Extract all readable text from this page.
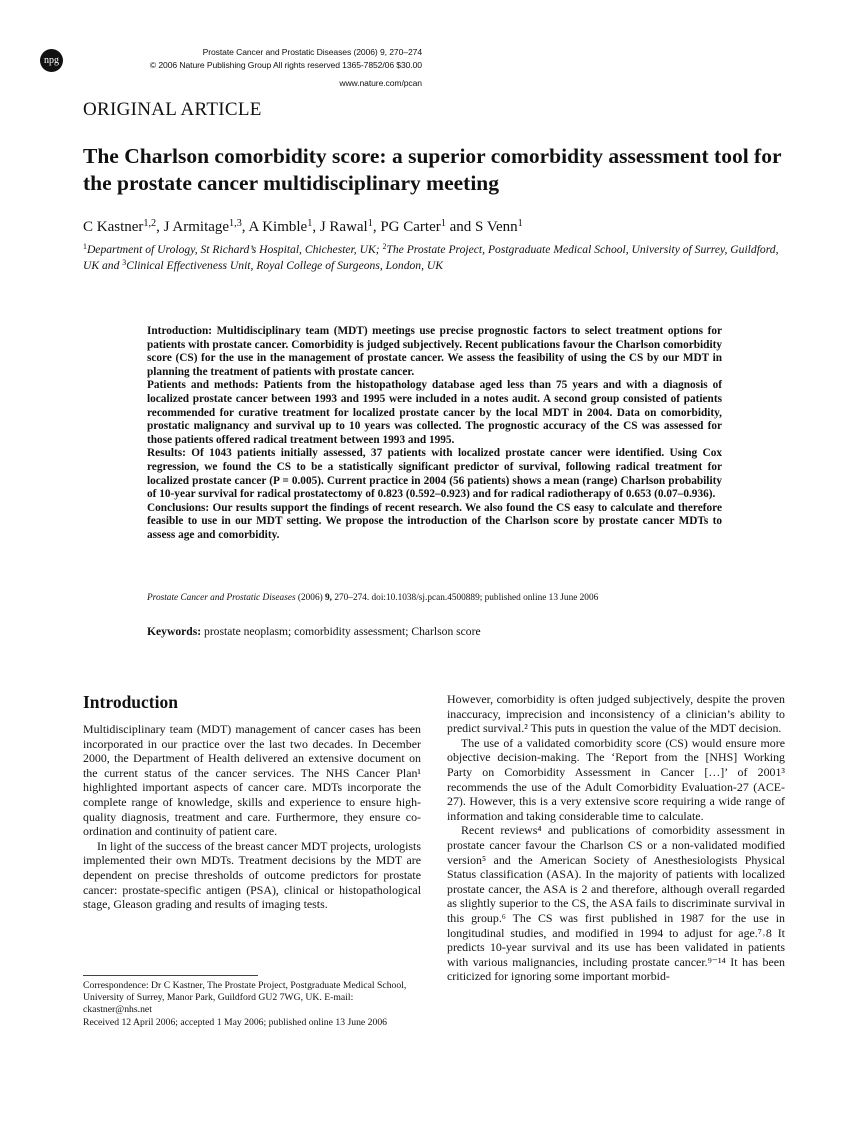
npg
Prostate Cancer and Prostatic Diseases (2006) 9, 270–274
© 2006 Nature Publishing Group All rights reserved 1365-7852/06 $30.00
www.nature.com/pcan
ORIGINAL ARTICLE
The Charlson comorbidity score: a superior comorbidity assessment tool for the prostate cancer multidisciplinary meeting
C Kastner$^{1,2}$, J Armitage$^{1,3}$, A Kimble$^1$, J Rawal$^1$, PG Carter$^1$ and S Venn$^1$
$^1$Department of Urology, St Richard’s Hospital, Chichester, UK; $^2$The Prostate Project, Postgraduate Medical School, University of Surrey, Guildford, UK and $^3$Clinical Effectiveness Unit, Royal College of Surgeons, London, UK

Introduction: Multidisciplinary team (MDT) meetings use precise prognostic factors to select treatment options for patients with prostate cancer. Comorbidity is judged subjectively. Recent publications favour the Charlson comorbidity score (CS) for the use in the management of prostate cancer. We assess the feasibility of using the CS by our MDT in planning the treatment of patients with prostate cancer.

Patients and methods: Patients from the histopathology database aged less than 75 years and with a diagnosis of localized prostate cancer between 1993 and 1995 were included in a notes audit. A second group consisted of patients recommended for curative treatment for localized prostate cancer by the local MDT in 2004. Data on comorbidity, prostatic malignancy and survival up to 10 years was collected. The prognostic accuracy of the CS was assessed for those patients offered radical treatment between 1993 and 1995.

Results: Of 1043 patients initially assessed, 37 patients with localized prostate cancer were identified. Using Cox regression, we found the CS to be a statistically significant predictor of survival, following radical treatment for localized prostate cancer (P = 0.005). Current practice in 2004 (56 patients) shows a mean (range) Charlson probability of 10-year survival for radical prostatectomy of 0.823 (0.592–0.923) and for radical radiotherapy of 0.653 (0.07–0.936).

Conclusions: Our results support the findings of recent research. We also found the CS easy to calculate and therefore feasible to use in our MDT setting. We propose the introduction of the Charlson score by prostate cancer MDTs to assess age and comorbidity.

Prostate Cancer and Prostatic Diseases (2006) 9, 270–274. doi:10.1038/sj.pcan.4500889; published online 13 June 2006
Keywords: prostate neoplasm; comorbidity assessment; Charlson score
Introduction

Multidisciplinary team (MDT) management of cancer cases has been incorporated in our practice over the last two decades. In December 2000, the Department of Health delivered an extensive document on the current status of the cancer services. The NHS Cancer Plan¹ highlighted important aspects of cancer care. MDTs incorporate the complete range of knowledge, skills and experience to ensure high-quality diagnosis, treatment and care. Furthermore, they ensure co-ordination and continuity of patient care.

In light of the success of the breast cancer MDT projects, urologists implemented their own MDTs. Treatment decisions by the MDT are dependent on precise thresholds of outcome predictors for prostate cancer: prostate-specific antigen (PSA), clinical or histopathological stage, Gleason grading and results of imaging tests.

However, comorbidity is often judged subjectively, despite the proven inaccuracy, imprecision and inconsistency of a clinician’s ability to predict survival.² This puts in question the value of the MDT decision.

The use of a validated comorbidity score (CS) would ensure more objective decision-making. The ‘Report from the [NHS] Working Party on Comorbidity Assessment in Cancer […]’ of 2001³ recommends the use of the Adult Comorbidity Evaluation-27 (ACE-27). However, this is a very extensive score requiring a wide range of information and taking considerable time to calculate.

Recent reviews⁴ and publications of comorbidity assessment in prostate cancer favour the Charlson CS or a non-validated modified version⁵ and the American Society of Anesthesiologists Physical Status classification (ASA). In the majority of patients with localized prostate cancer, the ASA is 2 and therefore, although overall regarded as slightly superior to the CS, the ASA fails to discriminate survival in this group.⁶ The CS was first published in 1987 for the use in longitudinal studies, and modified in 1994 to adjust for age.⁷˒8 It predicts 10-year survival and its use has been validated in patients with various malignancies, including prostate cancer.⁹⁻¹⁴ It has been criticized for ignoring some important morbid-

Correspondence: Dr C Kastner, The Prostate Project, Postgraduate Medical School, University of Surrey, Manor Park, Guildford GU2 7WG, UK. E-mail: ckastner@nhs.net

Received 12 April 2006; accepted 1 May 2006; published online 13 June 2006
